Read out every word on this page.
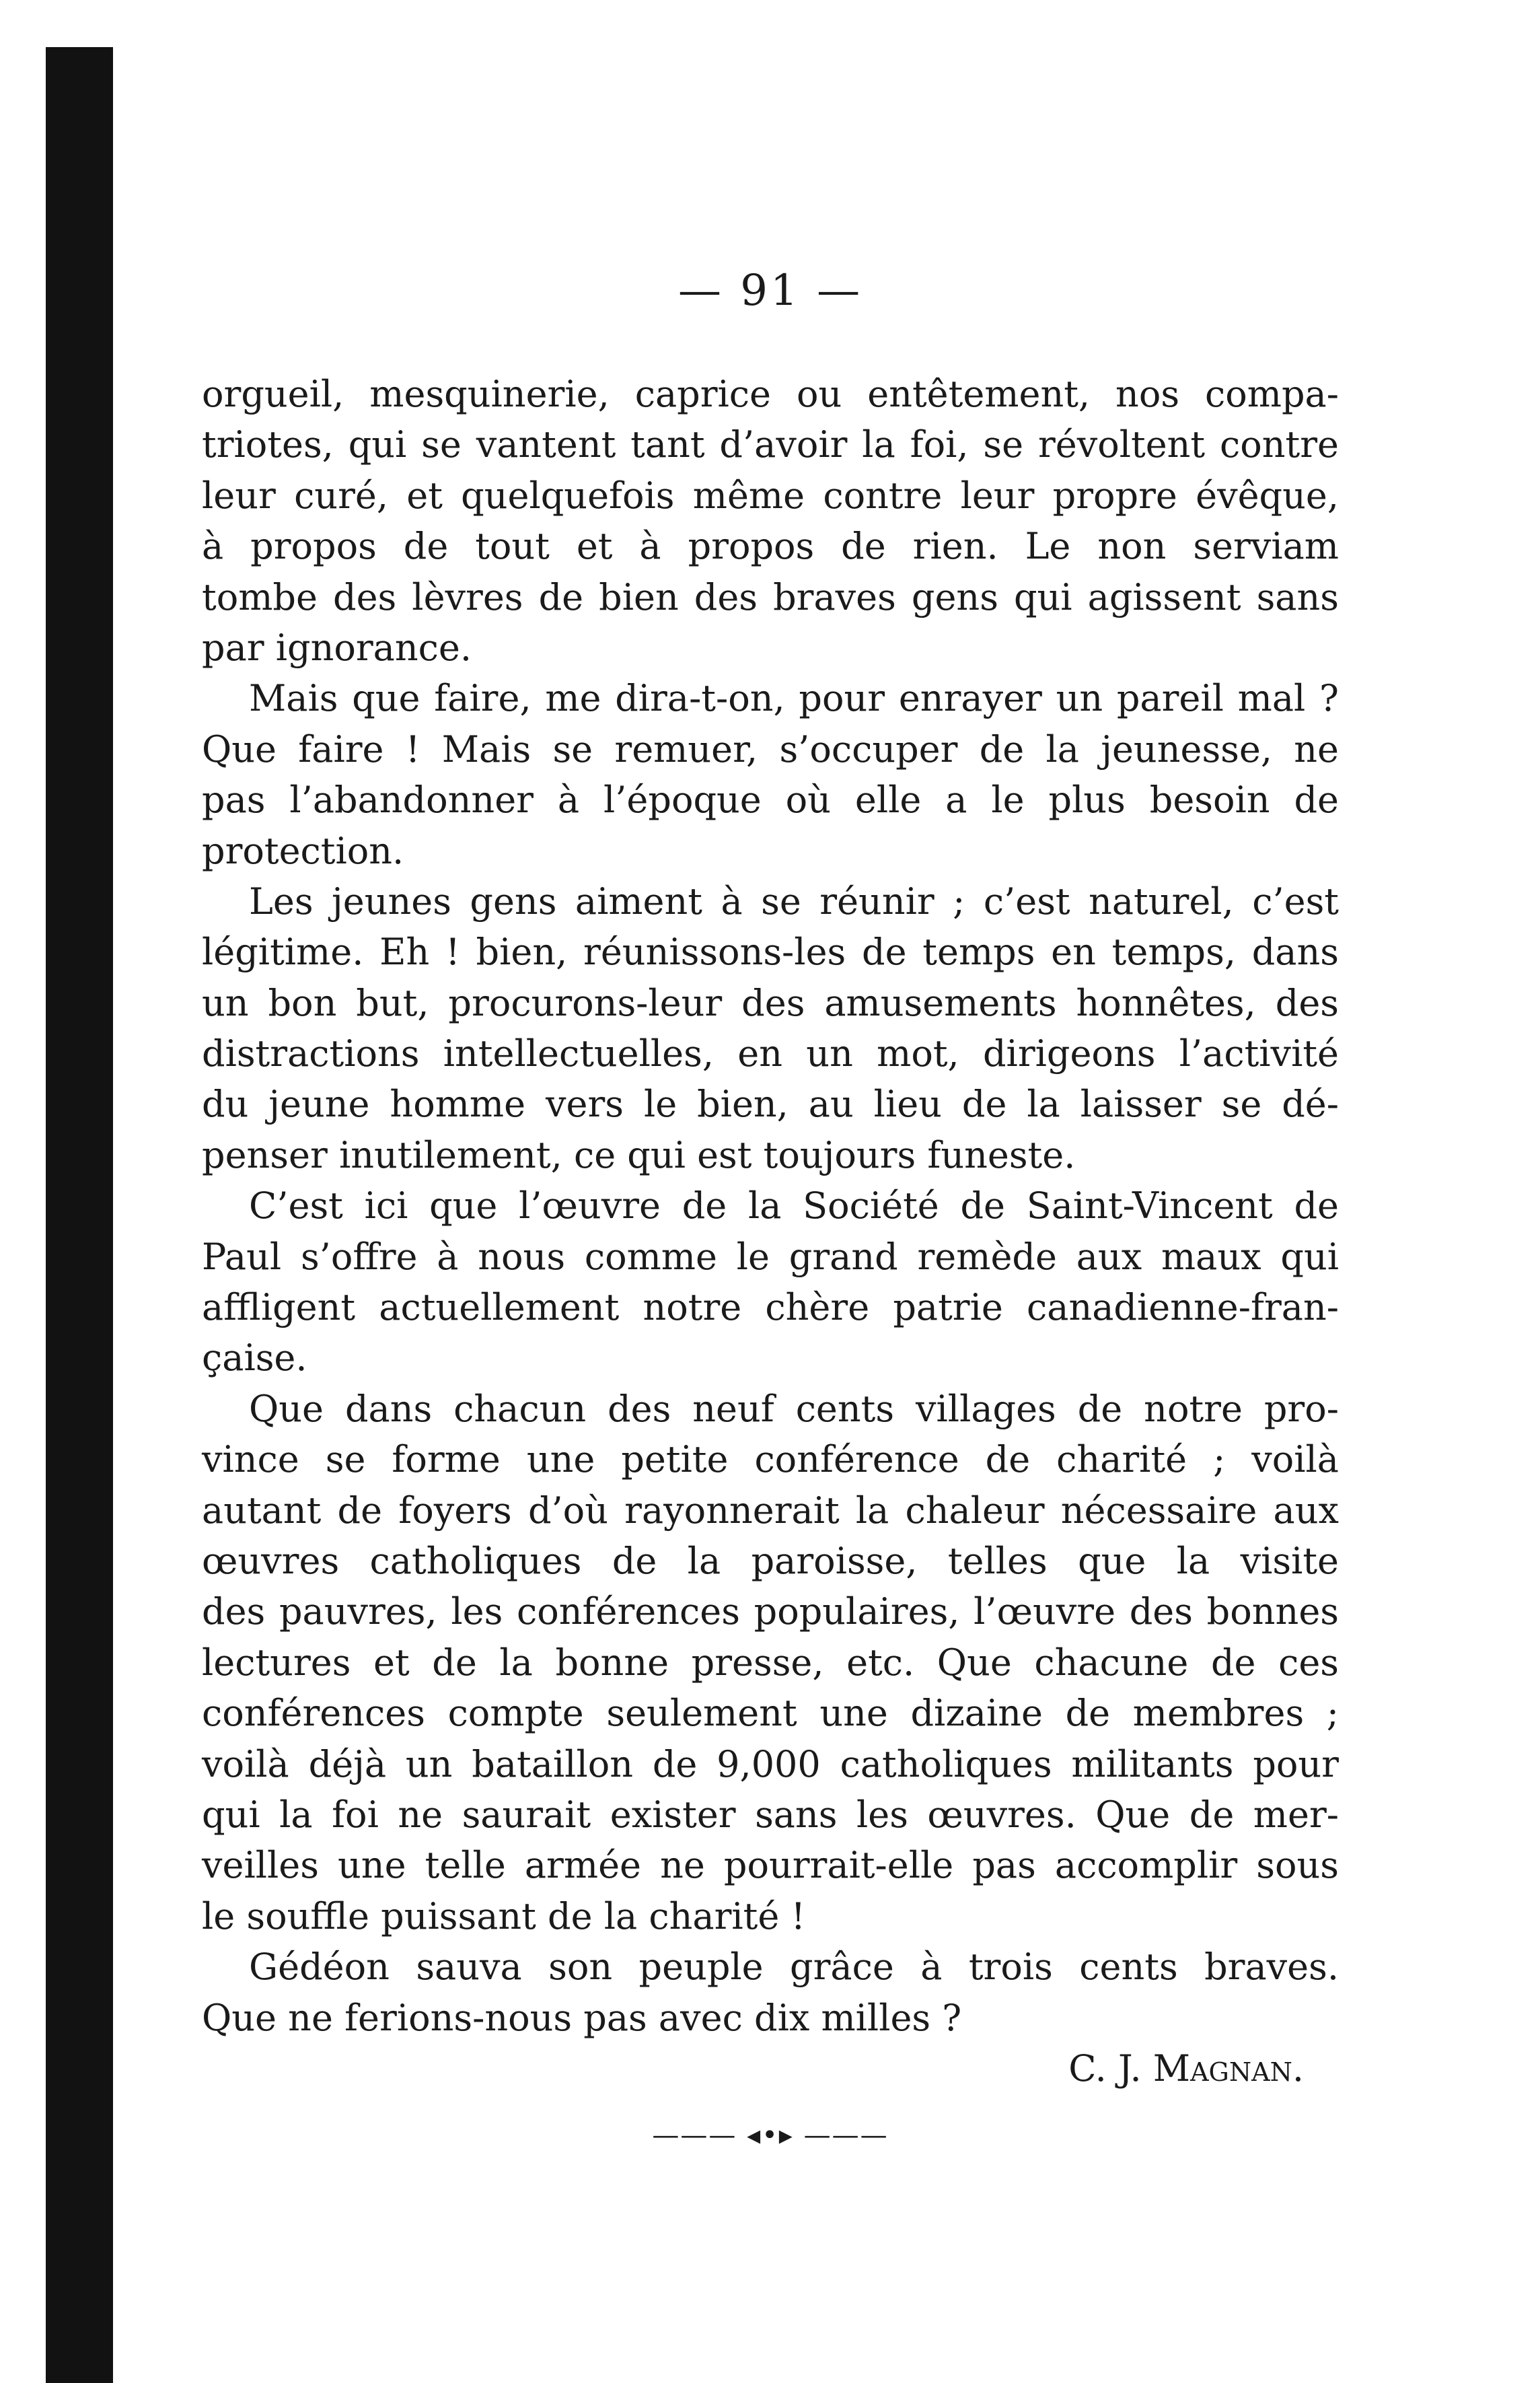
— 91 —

orgueil, mesquinerie, caprice ou entêtement, nos compa-
triotes, qui se vantent tant d’avoir la foi, se révoltent contre
leur curé, et quelquefois même contre leur propre évêque,
à propos de tout et à propos de rien. Le non serviam
tombe des lèvres de bien des braves gens qui agissent sans
par ignorance.
Mais que faire, me dira-t-on, pour enrayer un pareil mal ?
Que faire ! Mais se remuer, s’occuper de la jeunesse, ne
pas l’abandonner à l’époque où elle a le plus besoin de
protection.
Les jeunes gens aiment à se réunir ; c’est naturel, c’est
légitime. Eh ! bien, réunissons-les de temps en temps, dans
un bon but, procurons-leur des amusements honnêtes, des
distractions intellectuelles, en un mot, dirigeons l’activité
du jeune homme vers le bien, au lieu de la laisser se dé-
penser inutilement, ce qui est toujours funeste.
C’est ici que l’œuvre de la Société de Saint-Vincent de
Paul s’offre à nous comme le grand remède aux maux qui
affligent actuellement notre chère patrie canadienne-fran-
çaise.
Que dans chacun des neuf cents villages de notre pro-
vince se forme une petite conférence de charité ; voilà
autant de foyers d’où rayonnerait la chaleur nécessaire aux
œuvres catholiques de la paroisse, telles que la visite
des pauvres, les conférences populaires, l’œuvre des bonnes
lectures et de la bonne presse, etc. Que chacune de ces
conférences compte seulement une dizaine de membres ;
voilà déjà un bataillon de 9,000 catholiques militants pour
qui la foi ne saurait exister sans les œuvres. Que de mer-
veilles une telle armée ne pourrait-elle pas accomplir sous
le souffle puissant de la charité !
Gédéon sauva son peuple grâce à trois cents braves.
Que ne ferions-nous pas avec dix milles ?

C. J. Magnan.

——— ◂•▸ ———
